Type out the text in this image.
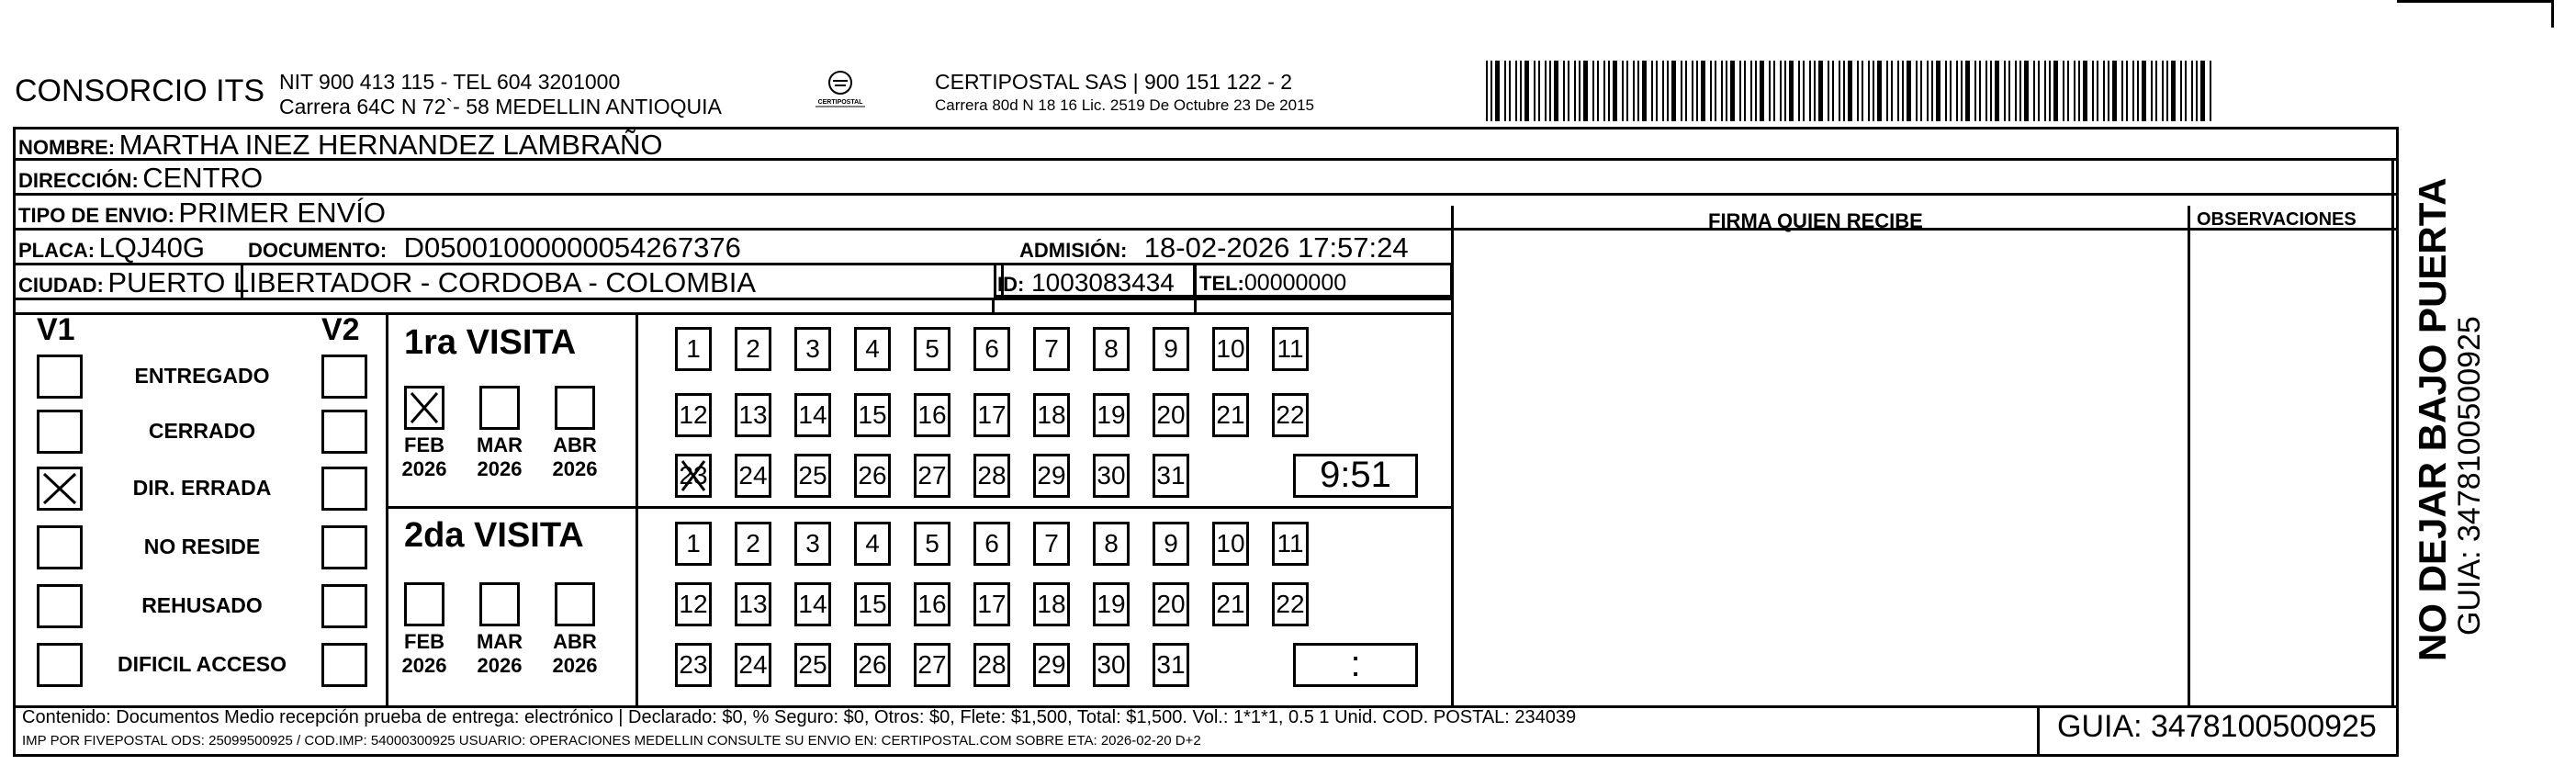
CONSORCIO ITS NIT 900 413 115 - TEL 604 3201000
Carrera 64C N 72`- 58 MEDELLIN ANTIOQUIA	CERTIPOSTAL
CERTIPOSTAL SAS | 900 151 122 - 2
Carrera 80d N 18 16 Lic. 2519 De Octubre 23 De 2015
FIRMA QUIEN RECIBE	OBSERVACIONES
NOMBRE: MARTHA INEZ HERNANDEZ LAMBRAÑO
DIRECCIÓN: CENTRO
TIPO DE ENVIO: PRIMER ENVÍO
PLACA: LQJ40G DOCUMENTO: D05001000000054267376	ADMISIÓN: 18-02-2026 17:57:24
CIUDAD: PUERTO LIBERTADOR - CORDOBA - COLOMBIA	ID: 1003083434 TEL:00000000
V1	V2
ENTREGADO
CERRADO
DIR. ERRADA
NO RESIDE
REHUSADO
DIFICIL ACCESO
1ra VISITA
2da VISITA
FEB
2026
MAR
2026
ABR
2026
FEB
2026
MAR
2026
ABR
2026
1	2	3	4	5	6	7	8	9	10 11
12 13 14 15 16 17 18 19 20 21 22
23 24 25 26 27 28 29 30 31	9:51
1	2	3	4	5	6	7	8	9	10 11
12 13 14 15 16 17 18 19 20 21 22
23 24 25 26 27 28 29 30 31	:
Contenido: Documentos Medio recepción prueba de entrega: electrónico | Declarado: $0, % Seguro: $0, Otros: $0, Flete: $1,500, Total: $1,500. Vol.: 1*1*1, 0.5 1 Unid. COD. POSTAL: 234039
IMP POR FIVEPOSTAL ODS: 25099500925 / COD.IMP: 54000300925 USUARIO: OPERACIONES MEDELLIN CONSULTE SU ENVIO EN: CERTIPOSTAL.COM SOBRE ETA: 2026-02-20 D+2	GUIA: 3478100500925
NO DEJAR BAJO PUERTA
GUIA: 3478100500925
